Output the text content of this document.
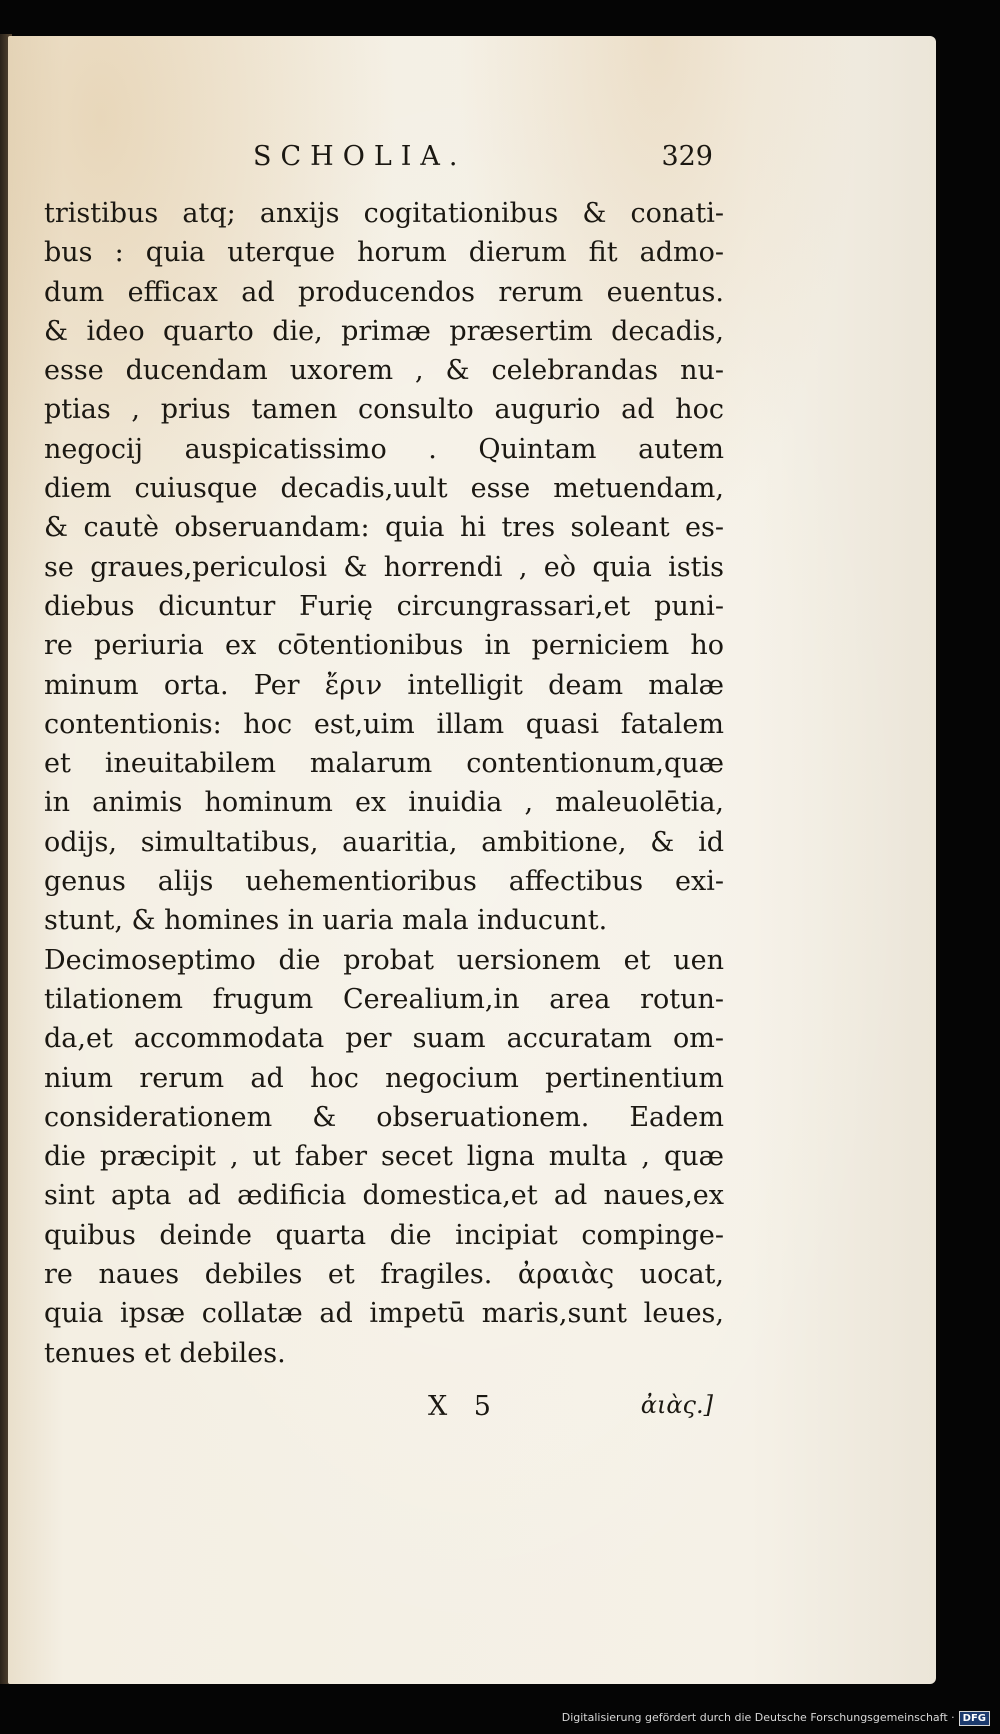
SCHOLIA.	329
tristibus atq; anxijs cogitationibus & conati-
bus : quia uterque horum dierum fit admo-
dum efficax ad producendos rerum euentus.
& ideo quarto die, primæ præsertim decadis,
esse ducendam uxorem , & celebrandas nu-
ptias , prius tamen consulto augurio ad hoc
negocij auspicatissimo . Quintam autem
diem cuiusque decadis,uult esse metuendam,
& cautè obseruandam: quia hi tres soleant es-
se graues,periculosi & horrendi , eò quia istis
diebus dicuntur Furię circungrassari,et puni-
re periuria ex cōtentionibus in perniciem ho
minum orta. Per ἔριν intelligit deam malæ
contentionis: hoc est,uim illam quasi fatalem
et ineuitabilem malarum contentionum,quæ
in animis hominum ex inuidia , maleuolētia,
odijs, simultatibus, auaritia, ambitione, & id
genus alijs uehementioribus affectibus exi-
stunt, & homines in uaria mala inducunt.
Decimoseptimo die probat uersionem et uen
tilationem frugum Cerealium,in area rotun-
da,et accommodata per suam accuratam om-
nium rerum ad hoc negocium pertinentium
considerationem & obseruationem. Eadem
die præcipit , ut faber secet ligna multa , quæ
sint apta ad ædificia domestica,et ad naues,ex
quibus deinde quarta die incipiat compinge-
re naues debiles et fragiles. ἀραιὰς uocat,
quia ipsæ collatæ ad impetū maris,sunt leues,
tenues et debiles.
X 5	ἀιὰς.]
Digitalisierung gefördert durch die Deutsche Forschungsgemeinschaft · DFG
